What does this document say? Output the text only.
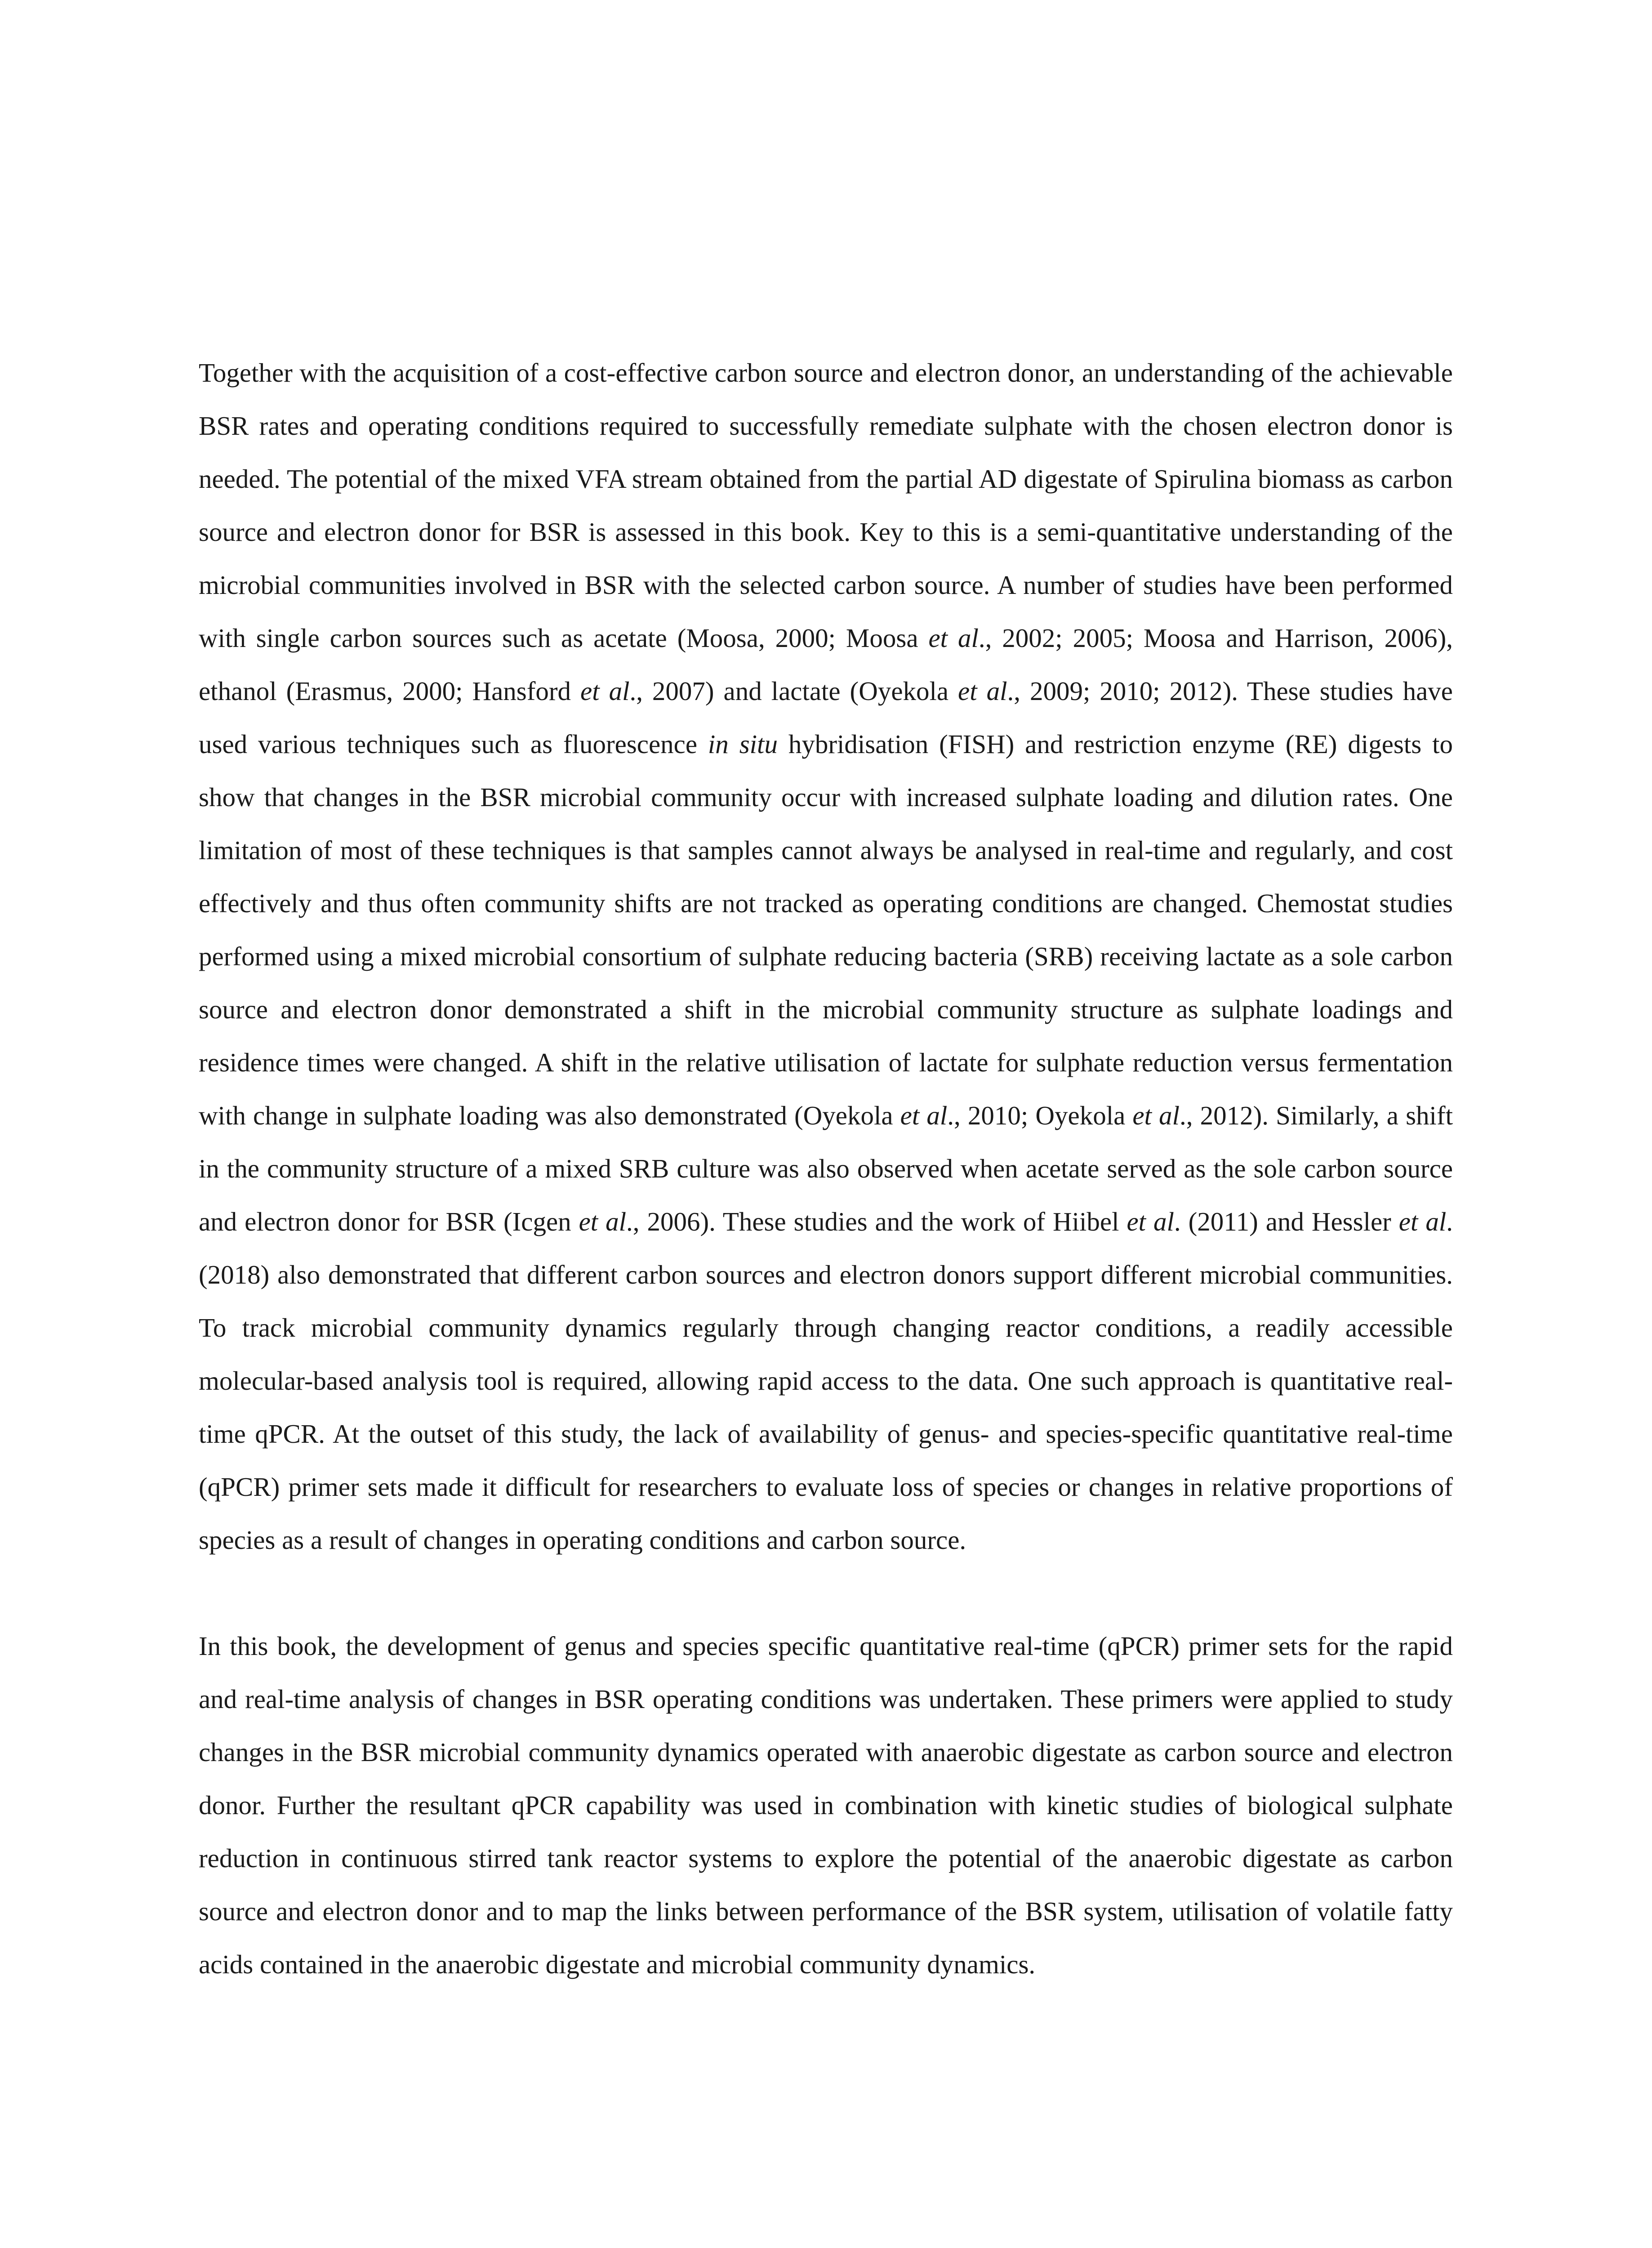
Together with the acquisition of a cost-effective carbon source and electron donor, an understanding of the achievable BSR rates and operating conditions required to successfully remediate sulphate with the chosen electron donor is needed. The potential of the mixed VFA stream obtained from the partial AD digestate of Spirulina biomass as carbon source and electron donor for BSR is assessed in this book. Key to this is a semi-quantitative understanding of the microbial communities involved in BSR with the selected carbon source. A number of studies have been performed with single carbon sources such as acetate (Moosa, 2000; Moosa et al., 2002; 2005; Moosa and Harrison, 2006), ethanol (Erasmus, 2000; Hansford et al., 2007) and lactate (Oyekola et al., 2009; 2010; 2012). These studies have used various techniques such as fluorescence in situ hybridisation (FISH) and restriction enzyme (RE) digests to show that changes in the BSR microbial community occur with increased sulphate loading and dilution rates. One limitation of most of these techniques is that samples cannot always be analysed in real-time and regularly, and cost effectively and thus often community shifts are not tracked as operating conditions are changed. Chemostat studies performed using a mixed microbial consortium of sulphate reducing bacteria (SRB) receiving lactate as a sole carbon source and electron donor demonstrated a shift in the microbial community structure as sulphate loadings and residence times were changed. A shift in the relative utilisation of lactate for sulphate reduction versus fermentation with change in sulphate loading was also demonstrated (Oyekola et al., 2010; Oyekola et al., 2012). Similarly, a shift in the community structure of a mixed SRB culture was also observed when acetate served as the sole carbon source and electron donor for BSR (Icgen et al., 2006). These studies and the work of Hiibel et al. (2011) and Hessler et al. (2018) also demonstrated that different carbon sources and electron donors support different microbial communities. To track microbial community dynamics regularly through changing reactor conditions, a readily accessible molecular-based analysis tool is required, allowing rapid access to the data. One such approach is quantitative real-time qPCR. At the outset of this study, the lack of availability of genus- and species-specific quantitative real-time (qPCR) primer sets made it difficult for researchers to evaluate loss of species or changes in relative proportions of species as a result of changes in operating conditions and carbon source.

In this book, the development of genus and species specific quantitative real-time (qPCR) primer sets for the rapid and real-time analysis of changes in BSR operating conditions was undertaken. These primers were applied to study changes in the BSR microbial community dynamics operated with anaerobic digestate as carbon source and electron donor. Further the resultant qPCR capability was used in combination with kinetic studies of biological sulphate reduction in continuous stirred tank reactor systems to explore the potential of the anaerobic digestate as carbon source and electron donor and to map the links between performance of the BSR system, utilisation of volatile fatty acids contained in the anaerobic digestate and microbial community dynamics.
